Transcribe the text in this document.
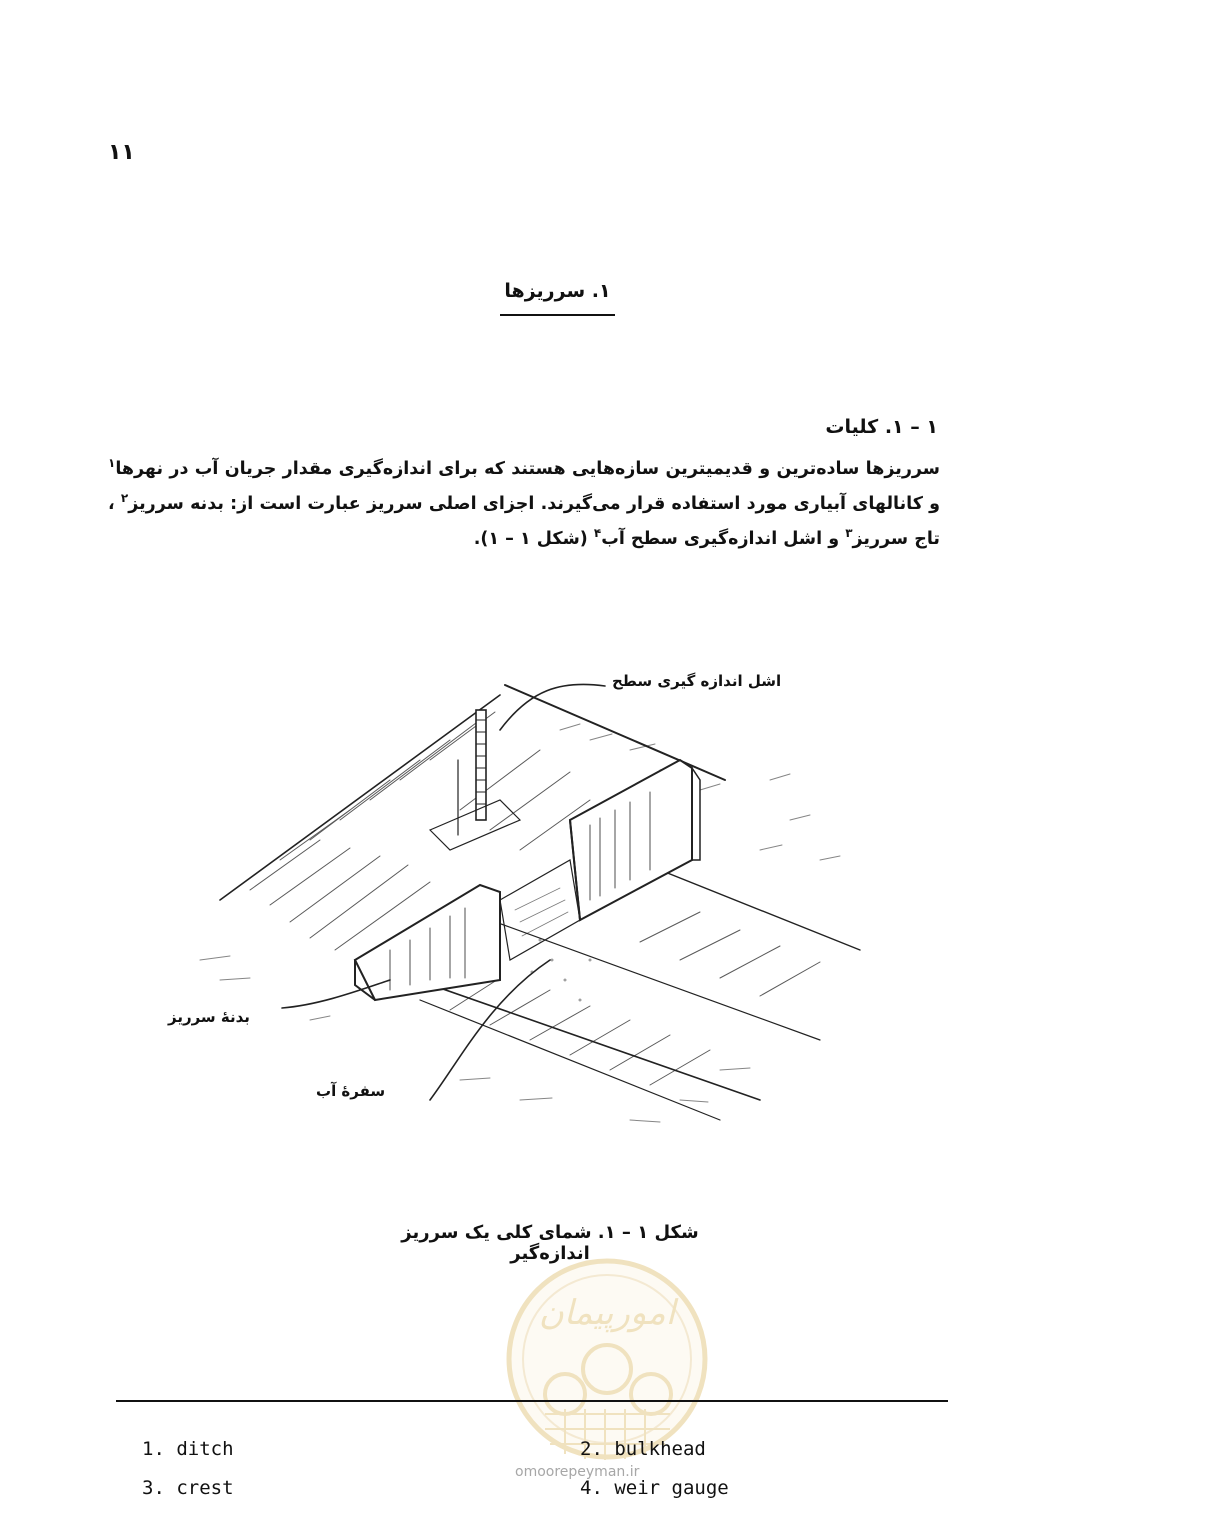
۱۱
۱. سرریزها
۱ – ۱. کلیات
سرریزها ساده‌ترین و قدیمیترین سازه‌هایی هستند که برای اندازه‌گیری مقدار جریان آب در نهرها$^۱$ و کانالهای آبیاری مورد استفاده قرار می‌گیرند. اجزای اصلی سرریز عبارت است از: بدنه سرریز$^۲$ ، تاج سرریز$^۳$ و اشل اندازه‌گیری سطح آب$^۴$ (شکل ۱ – ۱).
اشل اندازه گیری سطح
بدنهٔ سرریز
سفرهٔ آب
شکل ۱ – ۱. شمای کلی یک سرریز اندازه‌گیر
امورپیمان
1. ditch	2. bulkhead
3. crest	4. weir gauge
omoorepeyman.ir
